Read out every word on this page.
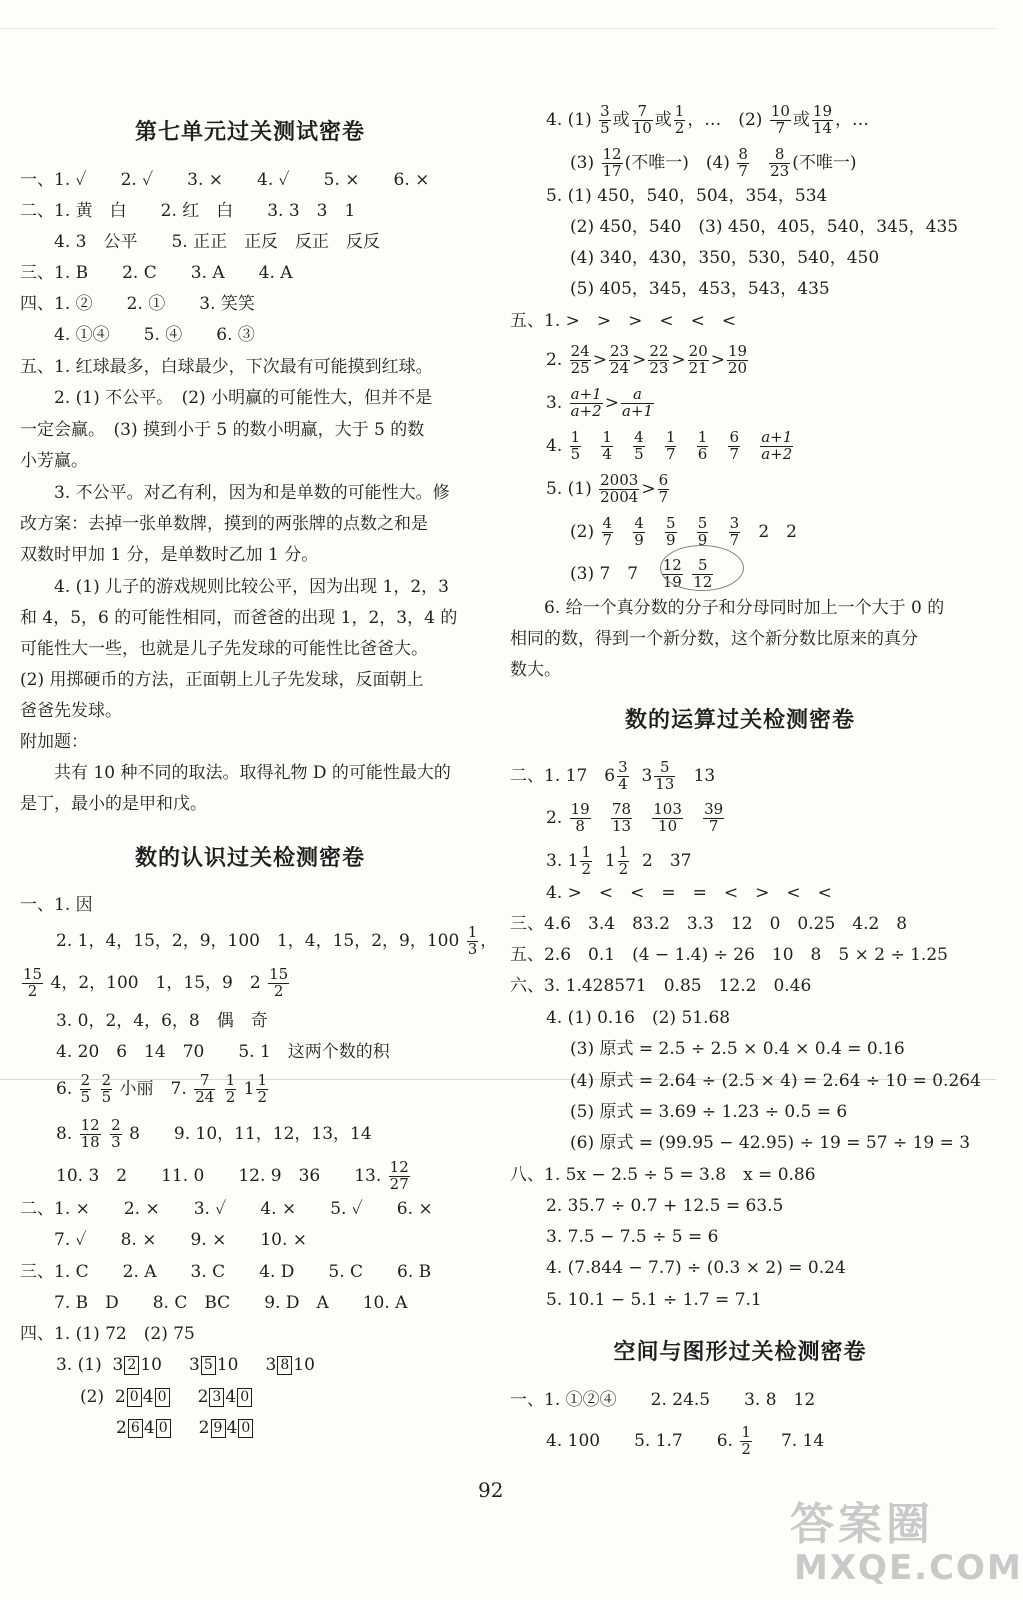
第七单元过关测试密卷
一、1. ✓　　2. ✓　　3. ×　　4. ✓　　5. ×　　6. ×
二、1. 黄　白　　2. 红　白　　3. 3　3　1
　　4. 3　公平　　5. 正正　正反　反正　反反
三、1. B　　2. C　　3. A　　4. A
四、1. ②　　2. ①　　3. 笑笑
　　4. ①④　　5. ④　　6. ③
五、1. 红球最多，白球最少，下次最有可能摸到红球。
　　2. (1) 不公平。　(2) 小明赢的可能性大，但并不是
一定会赢。　(3) 摸到小于 5 的数小明赢，大于 5 的数
小芳赢。
　　3. 不公平。对乙有利，因为和是单数的可能性大。修
改方案：去掉一张单数牌，摸到的两张牌的点数之和是
双数时甲加 1 分，是单数时乙加 1 分。
　　4. (1) 儿子的游戏规则比较公平，因为出现 1，2，3
和 4，5，6 的可能性相同，而爸爸的出现 1，2，3，4 的
可能性大一些，也就是儿子先发球的可能性比爸爸大。
(2) 用掷硬币的方法，正面朝上儿子先发球，反面朝上
爸爸先发球。
附加题：
　　共有 10 种不同的取法。取得礼物 D 的可能性最大的
是丁，最小的是甲和戊。
数的认识过关检测密卷
一、1. 因
2. 1，4，15，2，9，100　1，4，15，2，9，$100 \frac{1}{3}$ ，
$\frac{15}{2} 4$，2，100　1，15，9　$2 \frac{15}{2}$
3. 0，2，4，6，8　偶　奇
4. 20　6　14　70　　5. 1　这两个数的积
6. $\frac{2}{5}$
$\frac{2}{5}$ 小丽　7. $\frac{7}{24}$
$\frac{1}{2} 1 \frac{1}{2}$
8. $\frac{12}{18}$
$\frac{2}{3} 8$　　9. 10，11，12，13，14
10. 3　2　　11. 0　　12. 9　36　　13. $\frac{12}{27}$
二、1. ×　　2. ×　　3. ✓　　4. ×　　5. ✓　　6. ×
　　7. ✓　　8. ×　　9. ×　　10. ×
三、1. C　　2. A　　3. C　　4. D　　5. C　　6. B
　　7. B　D　　8. C　BC　　9. D　A　　10. A
四、1. (1) 72　(2) 75
3. (1)  3 2 10     3 5 10     3 8 10
(2)  2 0 4 0     2 3 4 0
2 6 4 0     2 9 4 0
4. $(1) \frac{3}{5}$ 或 $\frac{7}{10}$ 或 $\frac{1}{2}$ ，…　$(2) \frac{10}{7}$ 或 $\frac{19}{14}$ ，…
$(3) \frac{12}{17}$ (不唯一)　$(4) \frac{8}{7}$
$\frac{8}{23}$ (不唯一)
5. (1) 450，540，504，354，534
(2) 450，540　(3) 450，405，540，345，435
(4) 340，430，350，530，540，450
(5) 405，345，453，543，435
五、1. >　>　>　<　<　<
2. $\frac{24}{25} > \frac{23}{24} > \frac{22}{23} > \frac{20}{21} > \frac{19}{20}$
3. $\frac{a+1}{a+2} > \frac{a}{a+1}$
4. $\frac{1}{5}$
$\frac{1}{4}$
$\frac{4}{5}$
$\frac{1}{7}$
$\frac{1}{6}$
$\frac{6}{7}$
$\frac{a+1}{a+2}$
5. $(1) \frac{2003}{2004} > \frac{6}{7}$
$(2) \frac{4}{7}$
$\frac{4}{9}$
$\frac{5}{9}$
$\frac{5}{9}$
$\frac{3}{7} 2$　2
(3) 7　$7 \frac{12}{19}$
$\frac{5}{12}$
　　6. 给一个真分数的分子和分母同时加上一个大于 0 的
相同的数，得到一个新分数，这个新分数比原来的真分
数大。
数的运算过关检测密卷
二、1. 17　$6 \frac{3}{4} 3 \frac{5}{13} 13$
2. $\frac{19}{8}$
$\frac{78}{13}$
$\frac{103}{10}$
$\frac{39}{7}$
3. $1 \frac{1}{2} 1 \frac{1}{2} 2$　37
4. >　<　<　=　=　<　>　<　<
三、4.6　3.4　83.2　3.3　12　0　0.25　4.2　8
五、2.6　0.1　(4 − 1.4) ÷ 26　10　8　5 × 2 ÷ 1.25
六、3. 1.428571　0.85　12.2　0.46
4. (1) 0.16　(2) 51.68
(3) 原式 = 2.5 ÷ 2.5 × 0.4 × 0.4 = 0.16
(4) 原式 = 2.64 ÷ (2.5 × 4) = 2.64 ÷ 10 = 0.264
(5) 原式 = 3.69 ÷ 1.23 ÷ 0.5 = 6
(6) 原式 = (99.95 − 42.95) ÷ 19 = 57 ÷ 19 = 3
八、1. 5x − 2.5 ÷ 5 = 3.8　x = 0.86
2. 35.7 ÷ 0.7 + 12.5 = 63.5
3. 7.5 − 7.5 ÷ 5 = 6
4. (7.844 − 7.7) ÷ (0.3 × 2) = 0.24
5. 10.1 − 5.1 ÷ 1.7 = 7.1
空间与图形过关检测密卷
一、1. ①②④　　2. 24.5　　3. 8　12
4. 100　　5. 1.7　　6. $\frac{1}{2} 7$. 14
92
答案圈
MXQE.COM
